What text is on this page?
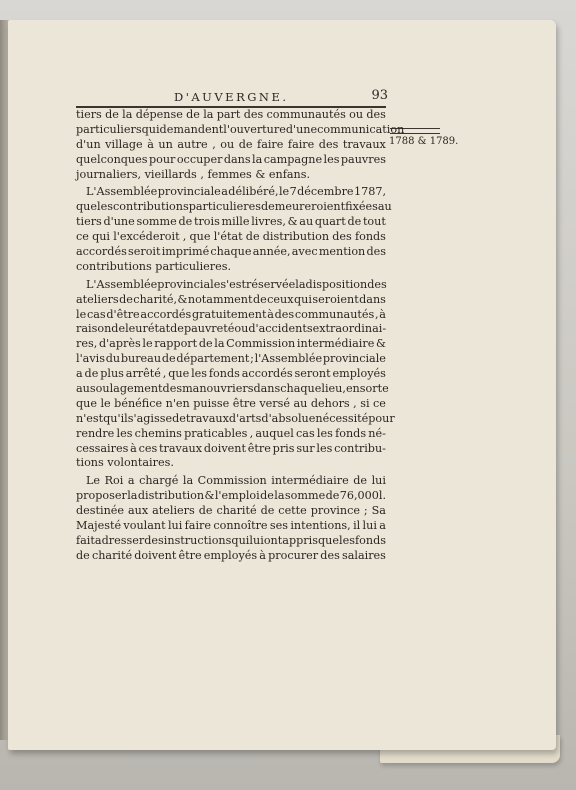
D'AUVERGNE.	93
1788 & 1789.
tiers de la dépense de la part des communautés ou des
particuliers qui demandent l'ouverture d'une communication
d'un village à un autre , ou de faire faire des travaux
quelconques pour occuper dans la campagne les pauvres
journaliers, vieillards , femmes & enfans.
L'Assemblée provinciale a délibéré, le 7 décembre 1787,
que les contributions particulieres demeureroient fixées au
tiers d'une somme de trois mille livres, & au quart de tout
ce qui l'excéderoit , que l'état de distribution des fonds
accordés seroit imprimé chaque année, avec mention des
contributions particulieres.
L'Assemblée provinciale s'est réservée la disposition des
ateliers de charité, & notamment de ceux qui seroient dans
le cas d'être accordés gratuitement à des communautés , à
raison de leur état de pauvreté ou d'accidents extraordinai-
res, d'après le rapport de la Commission intermédiaire &
l'avis du bureau de département ; l'Assemblée provinciale
a de plus arrêté , que les fonds accordés seront employés
au soulagement des manouvriers dans chaque lieu , ensorte
que le bénéfice n'en puisse être versé au dehors , si ce
n'est qu'il s'agisse de travaux d'arts d'absolue nécessité pour
rendre les chemins praticables , auquel cas les fonds né-
cessaires à ces travaux doivent être pris sur les contribu-
tions volontaires.
Le Roi a chargé la Commission intermédiaire de lui
proposer la distribution & l'emploi de la somme de 76,000l.
destinée aux ateliers de charité de cette province ; Sa
Majesté voulant lui faire connoître ses intentions, il lui a
fait adresser des instructions qui lui ont appris que les fonds
de charité doivent être employés à procurer des salaires
